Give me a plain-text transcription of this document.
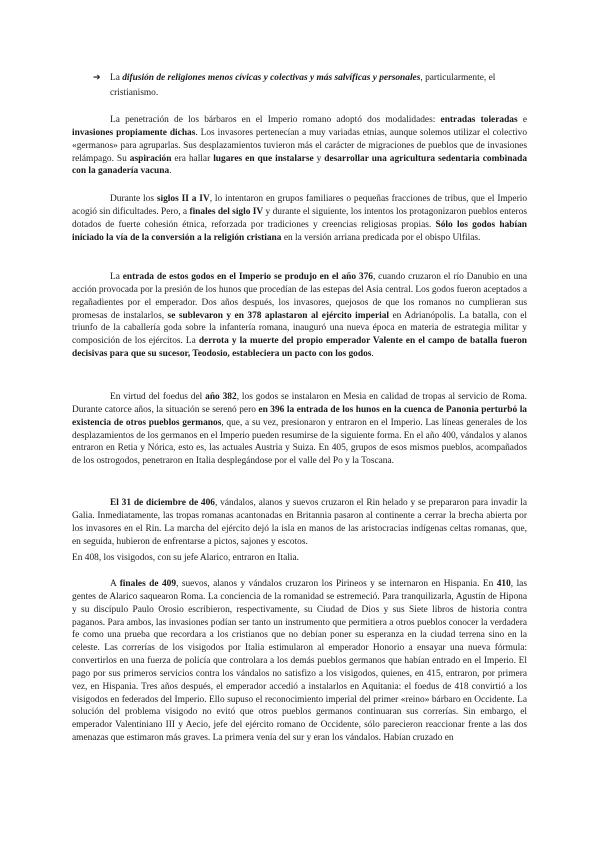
➔ La difusión de religiones menos cívicas y colectivas y más salvíficas y personales, particularmente, el cristianismo.

La penetración de los bárbaros en el Imperio romano adoptó dos modalidades: entradas toleradas e invasiones propiamente dichas. Los invasores pertenecían a muy variadas etnias, aunque solemos utilizar el colectivo «germanos» para agruparlas. Sus desplazamientos tuvieron más el carácter de migraciones de pueblos que de invasiones relámpago. Su aspiración era hallar lugares en que instalarse y desarrollar una agricultura sedentaria combinada con la ganadería vacuna.

Durante los siglos II a IV, lo intentaron en grupos familiares o pequeñas fracciones de tribus, que el Imperio acogió sin dificultades. Pero, a finales del siglo IV y durante el siguiente, los intentos los protagonizaron pueblos enteros dotados de fuerte cohesión étnica, reforzada por tradiciones y creencias religiosas propias. Sólo los godos habían iniciado la vía de la conversión a la religión cristiana en la versión arriana predicada por el obispo Ulfilas.

La entrada de estos godos en el Imperio se produjo en el año 376, cuando cruzaron el río Danubio en una acción provocada por la presión de los hunos que procedían de las estepas del Asia central. Los godos fueron aceptados a regañadientes por el emperador. Dos años después, los invasores, quejosos de que los romanos no cumplieran sus promesas de instalarlos, se sublevaron y en 378 aplastaron al ejército imperial en Adrianópolis. La batalla, con el triunfo de la caballería goda sobre la infantería romana, inauguró una nueva época en materia de estrategia militar y composición de los ejércitos. La derrota y la muerte del propio emperador Valente en el campo de batalla fueron decisivas para que su sucesor, Teodosio, estableciera un pacto con los godos.

En virtud del foedus del año 382, los godos se instalaron en Mesia en calidad de tropas al servicio de Roma. Durante catorce años, la situación se serenó pero en 396 la entrada de los hunos en la cuenca de Panonia perturbó la existencia de otros pueblos germanos, que, a su vez, presionaron y entraron en el Imperio. Las líneas generales de los desplazamientos de los germanos en el Imperio pueden resumirse de la siguiente forma. En el año 400, vándalos y alanos entraron en Retia y Nórica, esto es, las actuales Austria y Suiza. En 405, grupos de esos mismos pueblos, acompañados de los ostrogodos, penetraron en Italia desplegándose por el valle del Po y la Toscana.

El 31 de diciembre de 406, vándalos, alanos y suevos cruzaron el Rin helado y se prepararon para invadir la Galia. Inmediatamente, las tropas romanas acantonadas en Britannia pasaron al continente a cerrar la brecha abierta por los invasores en el Rin. La marcha del ejército dejó la isla en manos de las aristocracias indígenas celtas romanas, que, en seguida, hubieron de enfrentarse a pictos, sajones y escotos.

En 408, los visigodos, con su jefe Alarico, entraron en Italia.

A finales de 409, suevos, alanos y vándalos cruzaron los Pirineos y se internaron en Hispania. En 410, las gentes de Alarico saquearon Roma. La conciencia de la romanidad se estremeció. Para tranquilizarla, Agustín de Hipona y su discípulo Paulo Orosio escribieron, respectivamente, su Ciudad de Dios y sus Siete libros de historia contra paganos. Para ambos, las invasiones podían ser tanto un instrumento que permitiera a otros pueblos conocer la verdadera fe como una prueba que recordara a los cristianos que no debían poner su esperanza en la ciudad terrena sino en la celeste. Las correrías de los visigodos por Italia estimularon al emperador Honorio a ensayar una nueva fórmula: convertirlos en una fuerza de policía que controlara a los demás pueblos germanos que habían entrado en el Imperio. El pago por sus primeros servicios contra los vándalos no satisfizo a los visigodos, quienes, en 415, entraron, por primera vez, en Hispania. Tres años después, el emperador accedió a instalarlos en Aquitania: el foedus de 418 convirtió a los visigodos en federados del Imperio. Ello supuso el reconocimiento imperial del primer «reino» bárbaro en Occidente. La solución del problema visigodo no evitó que otros pueblos germanos continuaran sus correrías. Sin embargo, el emperador Valentiniano III y Aecio, jefe del ejército romano de Occidente, sólo parecieron reaccionar frente a las dos amenazas que estimaron más graves. La primera venía del sur y eran los vándalos. Habían cruzado en
